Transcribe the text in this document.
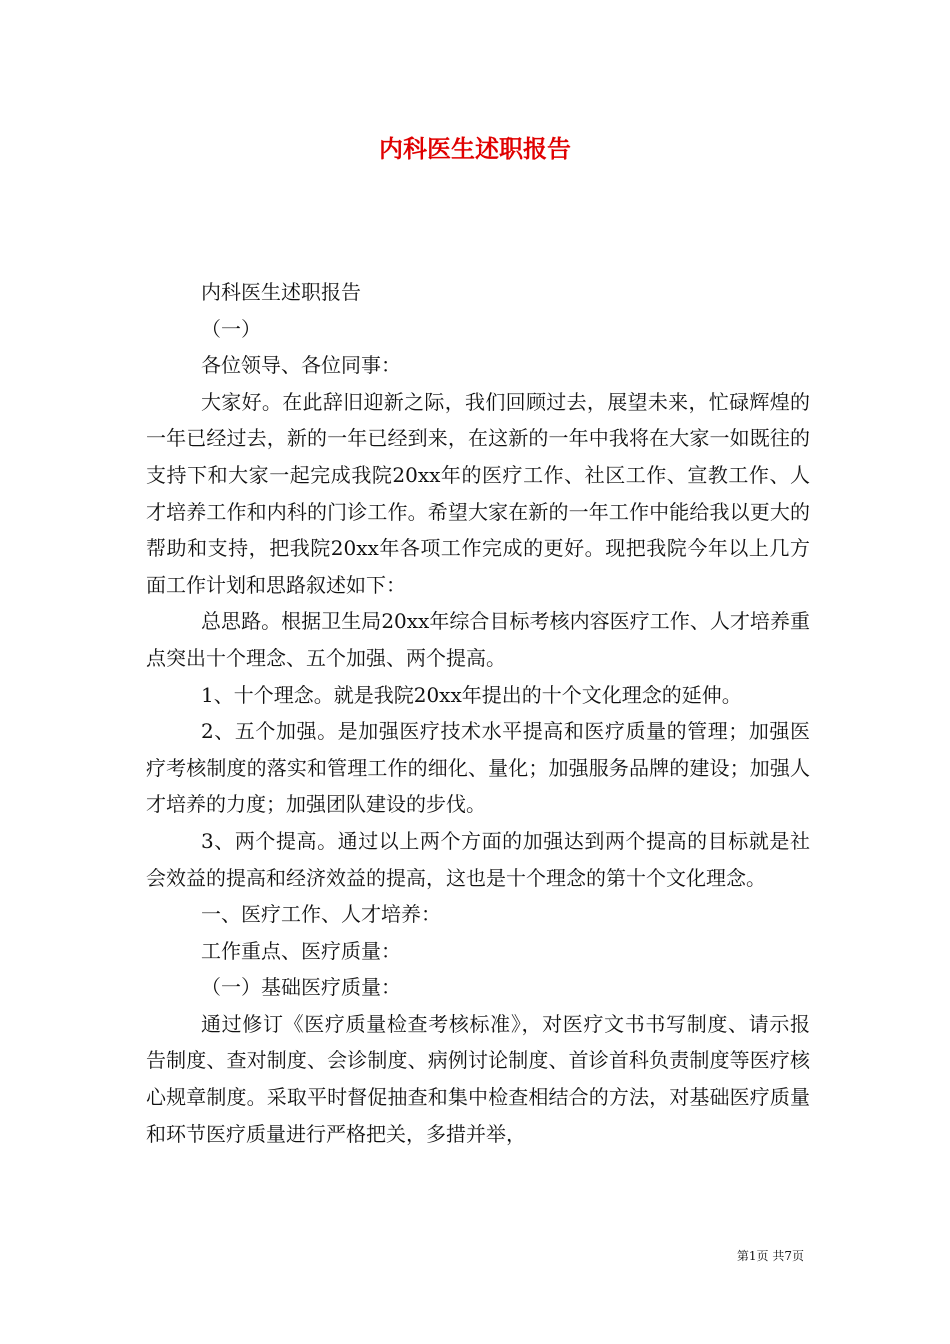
内科医生述职报告

内科医生述职报告

（一）

各位领导、各位同事：

大家好。在此辞旧迎新之际，我们回顾过去，展望未来，忙碌辉煌的一年已经过去，新的一年已经到来，在这新的一年中我将在大家一如既往的支持下和大家一起完成我院20xx年的医疗工作、社区工作、宣教工作、人才培养工作和内科的门诊工作。希望大家在新的一年工作中能给我以更大的帮助和支持，把我院20xx年各项工作完成的更好。现把我院今年以上几方面工作计划和思路叙述如下：

总思路。根据卫生局20xx年综合目标考核内容医疗工作、人才培养重点突出十个理念、五个加强、两个提高。

1、十个理念。就是我院20xx年提出的十个文化理念的延伸。

2、五个加强。是加强医疗技术水平提高和医疗质量的管理；加强医疗考核制度的落实和管理工作的细化、量化；加强服务品牌的建设；加强人才培养的力度；加强团队建设的步伐。

3、两个提高。通过以上两个方面的加强达到两个提高的目标就是社会效益的提高和经济效益的提高，这也是十个理念的第十个文化理念。

一、医疗工作、人才培养：

工作重点、医疗质量：

（一）基础医疗质量：

通过修订《医疗质量检查考核标准》，对医疗文书书写制度、请示报告制度、查对制度、会诊制度、病例讨论制度、首诊首科负责制度等医疗核心规章制度。采取平时督促抽查和集中检查相结合的方法，对基础医疗质量和环节医疗质量进行严格把关，多措并举，

第1页 共7页
